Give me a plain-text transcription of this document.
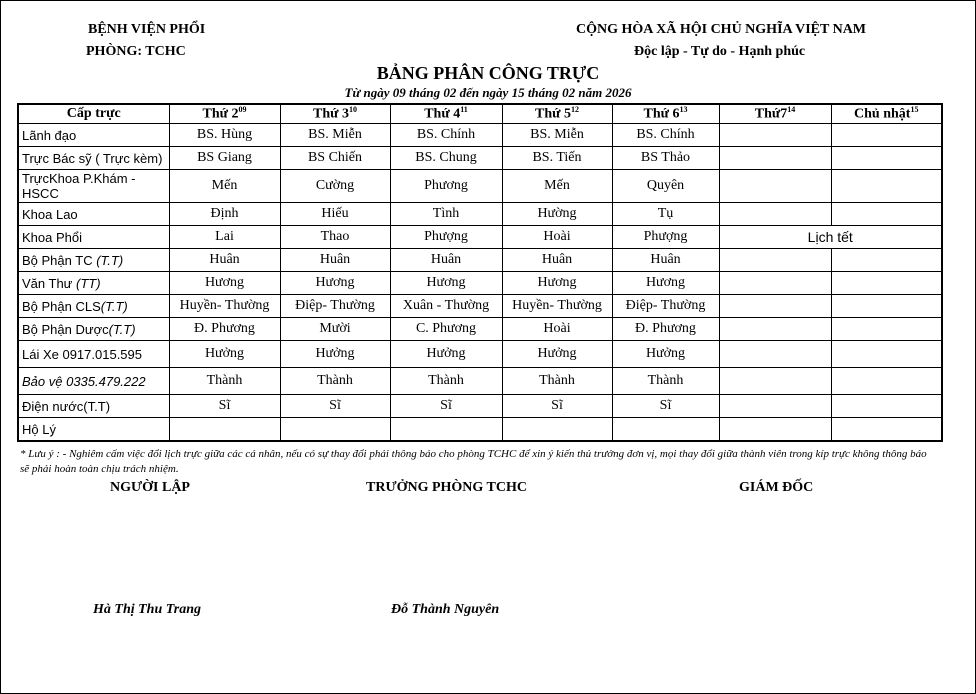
BỆNH VIỆN PHỔI
PHÒNG: TCHC
CỘNG HÒA XÃ HỘI CHỦ NGHĨA VIỆT NAM
Độc lập - Tự do - Hạnh phúc
BẢNG PHÂN CÔNG TRỰC
Từ ngày 09 tháng 02 đến ngày 15 tháng 02 năm 2026
Cấp trực	Thứ $2^{09}$	Thứ $3^{10}$	Thứ $4^{11}$	Thứ $5^{12}$	Thứ $6^{13}$	$Thứ7^{14}$	Chủ nhật$^{15}$
Lãnh đạo	BS. Hùng	BS. Miễn	BS. Chính	BS. Miễn	BS. Chính		
Trực Bác sỹ ( Trực kèm)	BS Giang	BS Chiến	BS. Chung	BS. Tiến	BS Thảo		
TrựcKhoa P.Khám - HSCC	Mến	Cường	Phương	Mến	Quyên		
Khoa Lao	Định	Hiếu	Tình	Hường	Tụ		
Khoa Phổi	Lai	Thao	Phượng	Hoài	Phượng	Lịch tết	
Bộ Phận TC (T.T)	Huân	Huân	Huân	Huân	Huân		
Văn Thư (TT)	Hương	Hương	Hương	Hương	Hương		
Bộ Phận CLS(T.T)	Huyền- Thường	Điệp- Thường	Xuân - Thường	Huyền- Thường	Điệp- Thường		
Bộ Phận Dược(T.T)	Đ. Phương	Mười	C. Phương	Hoài	Đ. Phương		
Lái Xe 0917.015.595	Hưởng	Hưởng	Hưởng	Hưởng	Hưởng		
Bảo vệ 0335.479.222	Thành	Thành	Thành	Thành	Thành		
Điện nước(T.T)	Sĩ	Sĩ	Sĩ	Sĩ	Sĩ		
Hộ Lý							
* Lưu ý : - Nghiêm cấm việc đổi lịch trực giữa các cá nhân, nếu có sự thay đổi phải thông báo cho phòng TCHC để xin ý kiến thủ trưởng đơn vị, mọi thay đổi giữa thành viên trong kíp trực không thông báo sẽ phải hoàn toàn chịu trách nhiệm.
NGƯỜI LẬP	TRƯỞNG PHÒNG TCHC	GIÁM ĐỐC
Hà Thị Thu Trang	Đỗ Thành Nguyên
